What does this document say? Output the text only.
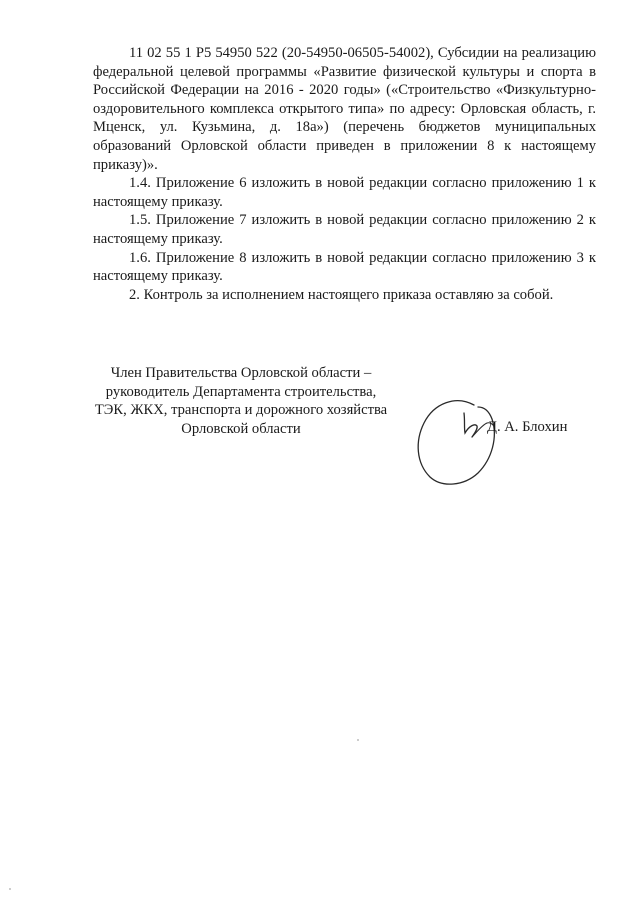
11 02 55 1 P5 54950 522 (20-54950-06505-54002), Субсидии на реализацию федеральной целевой программы «Развитие физической культуры и спорта в Российской Федерации на 2016 - 2020 годы» («Строительство «Физкультурно-оздоровительного комплекса открытого типа» по адресу: Орловская область, г. Мценск, ул. Кузьмина, д. 18а») (перечень бюджетов муниципальных образований Орловской области приведен в приложении 8 к настоящему приказу)».

1.4. Приложение 6 изложить в новой редакции согласно приложению 1 к настоящему приказу.

1.5. Приложение 7 изложить в новой редакции согласно приложению 2 к настоящему приказу.

1.6. Приложение 8 изложить в новой редакции согласно приложению 3 к настоящему приказу.

2. Контроль за исполнением настоящего приказа оставляю за собой.

Член Правительства Орловской области –
руководитель Департамента строительства,
ТЭК, ЖКХ, транспорта и дорожного хозяйства
Орловской области	Д. А. Блохин
